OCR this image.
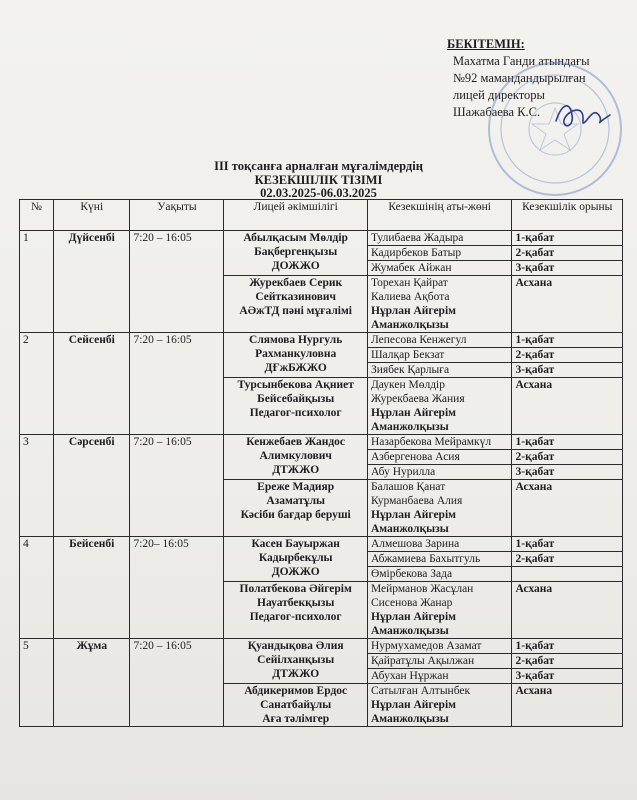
БЕКІТЕМІН:
Махатма Ганди атындағы
№92 мамандандырылған
лицей директоры
Шажабаева К.С.
ІІІ тоқсанға арналған мұғалімдердің
КЕЗЕКШІЛІК ТІЗІМІ
02.03.2025-06.03.2025
№	Күні	Уақыты	Лицей әкімшілігі	Кезекшінің аты-жөні	Кезекшілік орыны
1	Дүйсенбі	7:20 – 16:05	Абылқасым Мөлдір
Бақбергенқызы
ДОЖЖО	Тулибаева Жадыра	1-қабат

				Кадирбеков Батыр	2-қабат

				Жумабек Айжан	3-қабат

			Журекбаев Серик
Сейтказинович
АӘжТД пәні мұғалімі	Торехан Қайрат
Калиева Ақбота
Нұрлан Айгерім
Аманжолқызы	Асхана
2	Сейсенбі	7:20 – 16:05	Слямова Нургуль
Рахманкуловна
ДҒжБЖЖО	Лепесова Кенжегул	1-қабат

				Шалқар Бекзат	2-қабат

				Зиябек Қарлыға	3-қабат

			Турсынбекова Ақниет
Бейсебайқызы
Педагог-психолог	Даукен Мөлдір
Журекбаева Жания
Нұрлан Айгерім
Аманжолқызы	Асхана
3	Сәрсенбі	7:20 – 16:05	Кенжебаев Жандос
Алимкулович
ДТЖЖО	Назарбекова Мейрамкүл	1-қабат

				Азбергенова Асия	2-қабат

				Абу Нурилла	3-қабат

			Ереже Мадияр
Азаматұлы
Кәсіби бағдар беруші	Балашов Қанат
Курманбаева Алия
Нұрлан Айгерім
Аманжолқызы	Асхана
4	Бейсенбі	7:20– 16:05	Касен Бауыржан
Кадырбекұлы
ДОЖЖО	Алмешова Зарина	1-қабат

				Абжамиева Бахытгуль	2-қабат

				Өмірбекова Зада	

			Полатбекова Әйгерім
Науатбекқызы
Педагог-психолог	Мейрманов Жасұлан
Сисенова Жанар
Нұрлан Айгерім
Аманжолқызы	Асхана
5	Жұма	7:20 – 16:05	Қуандықова Әлия
Сейілханқызы
ДТЖЖО	Нурмухамедов Азамат	1-қабат

				Қайратұлы Ақылжан	2-қабат

				Абухан Нұржан	3-қабат

			Абдикеримов Ердос
Санатбайұлы
Аға тәлімгер	Сатылған Алтынбек
Нұрлан Айгерім
Аманжолқызы	Асхана
